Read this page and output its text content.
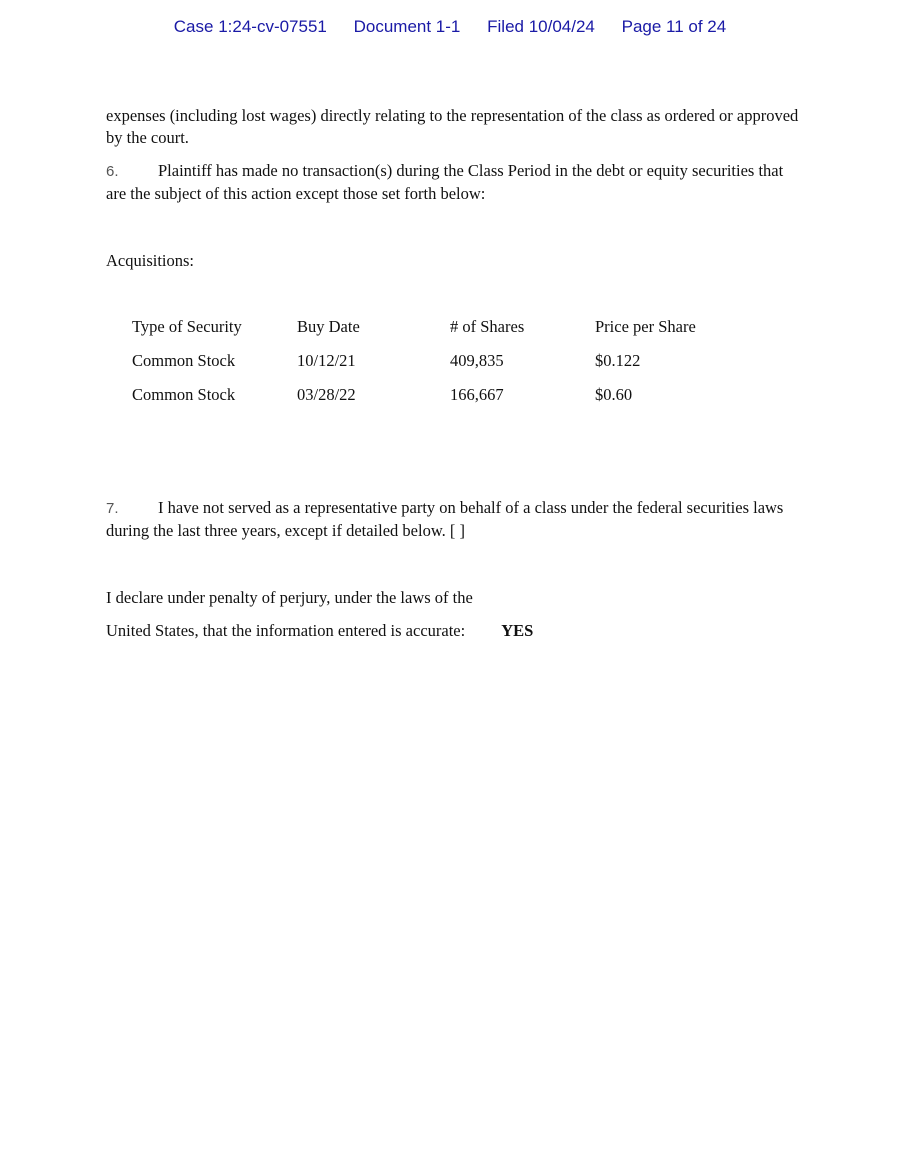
Case 1:24-cv-07551 Document 1-1 Filed 10/04/24 Page 11 of 24

expenses (including lost wages) directly relating to the representation of the class as ordered or approved by the court.

6. Plaintiff has made no transaction(s) during the Class Period in the debt or equity securities that are the subject of this action except those set forth below:

Acquisitions:

Type of Security	Buy Date	# of Shares	Price per Share
Common Stock	10/12/21	409,835	$0.122
Common Stock	03/28/22	166,667	$0.60

7. I have not served as a representative party on behalf of a class under the federal securities laws during the last three years, except if detailed below. [ ]

I declare under penalty of perjury, under the laws of the

United States, that the information entered is accurate: YES
